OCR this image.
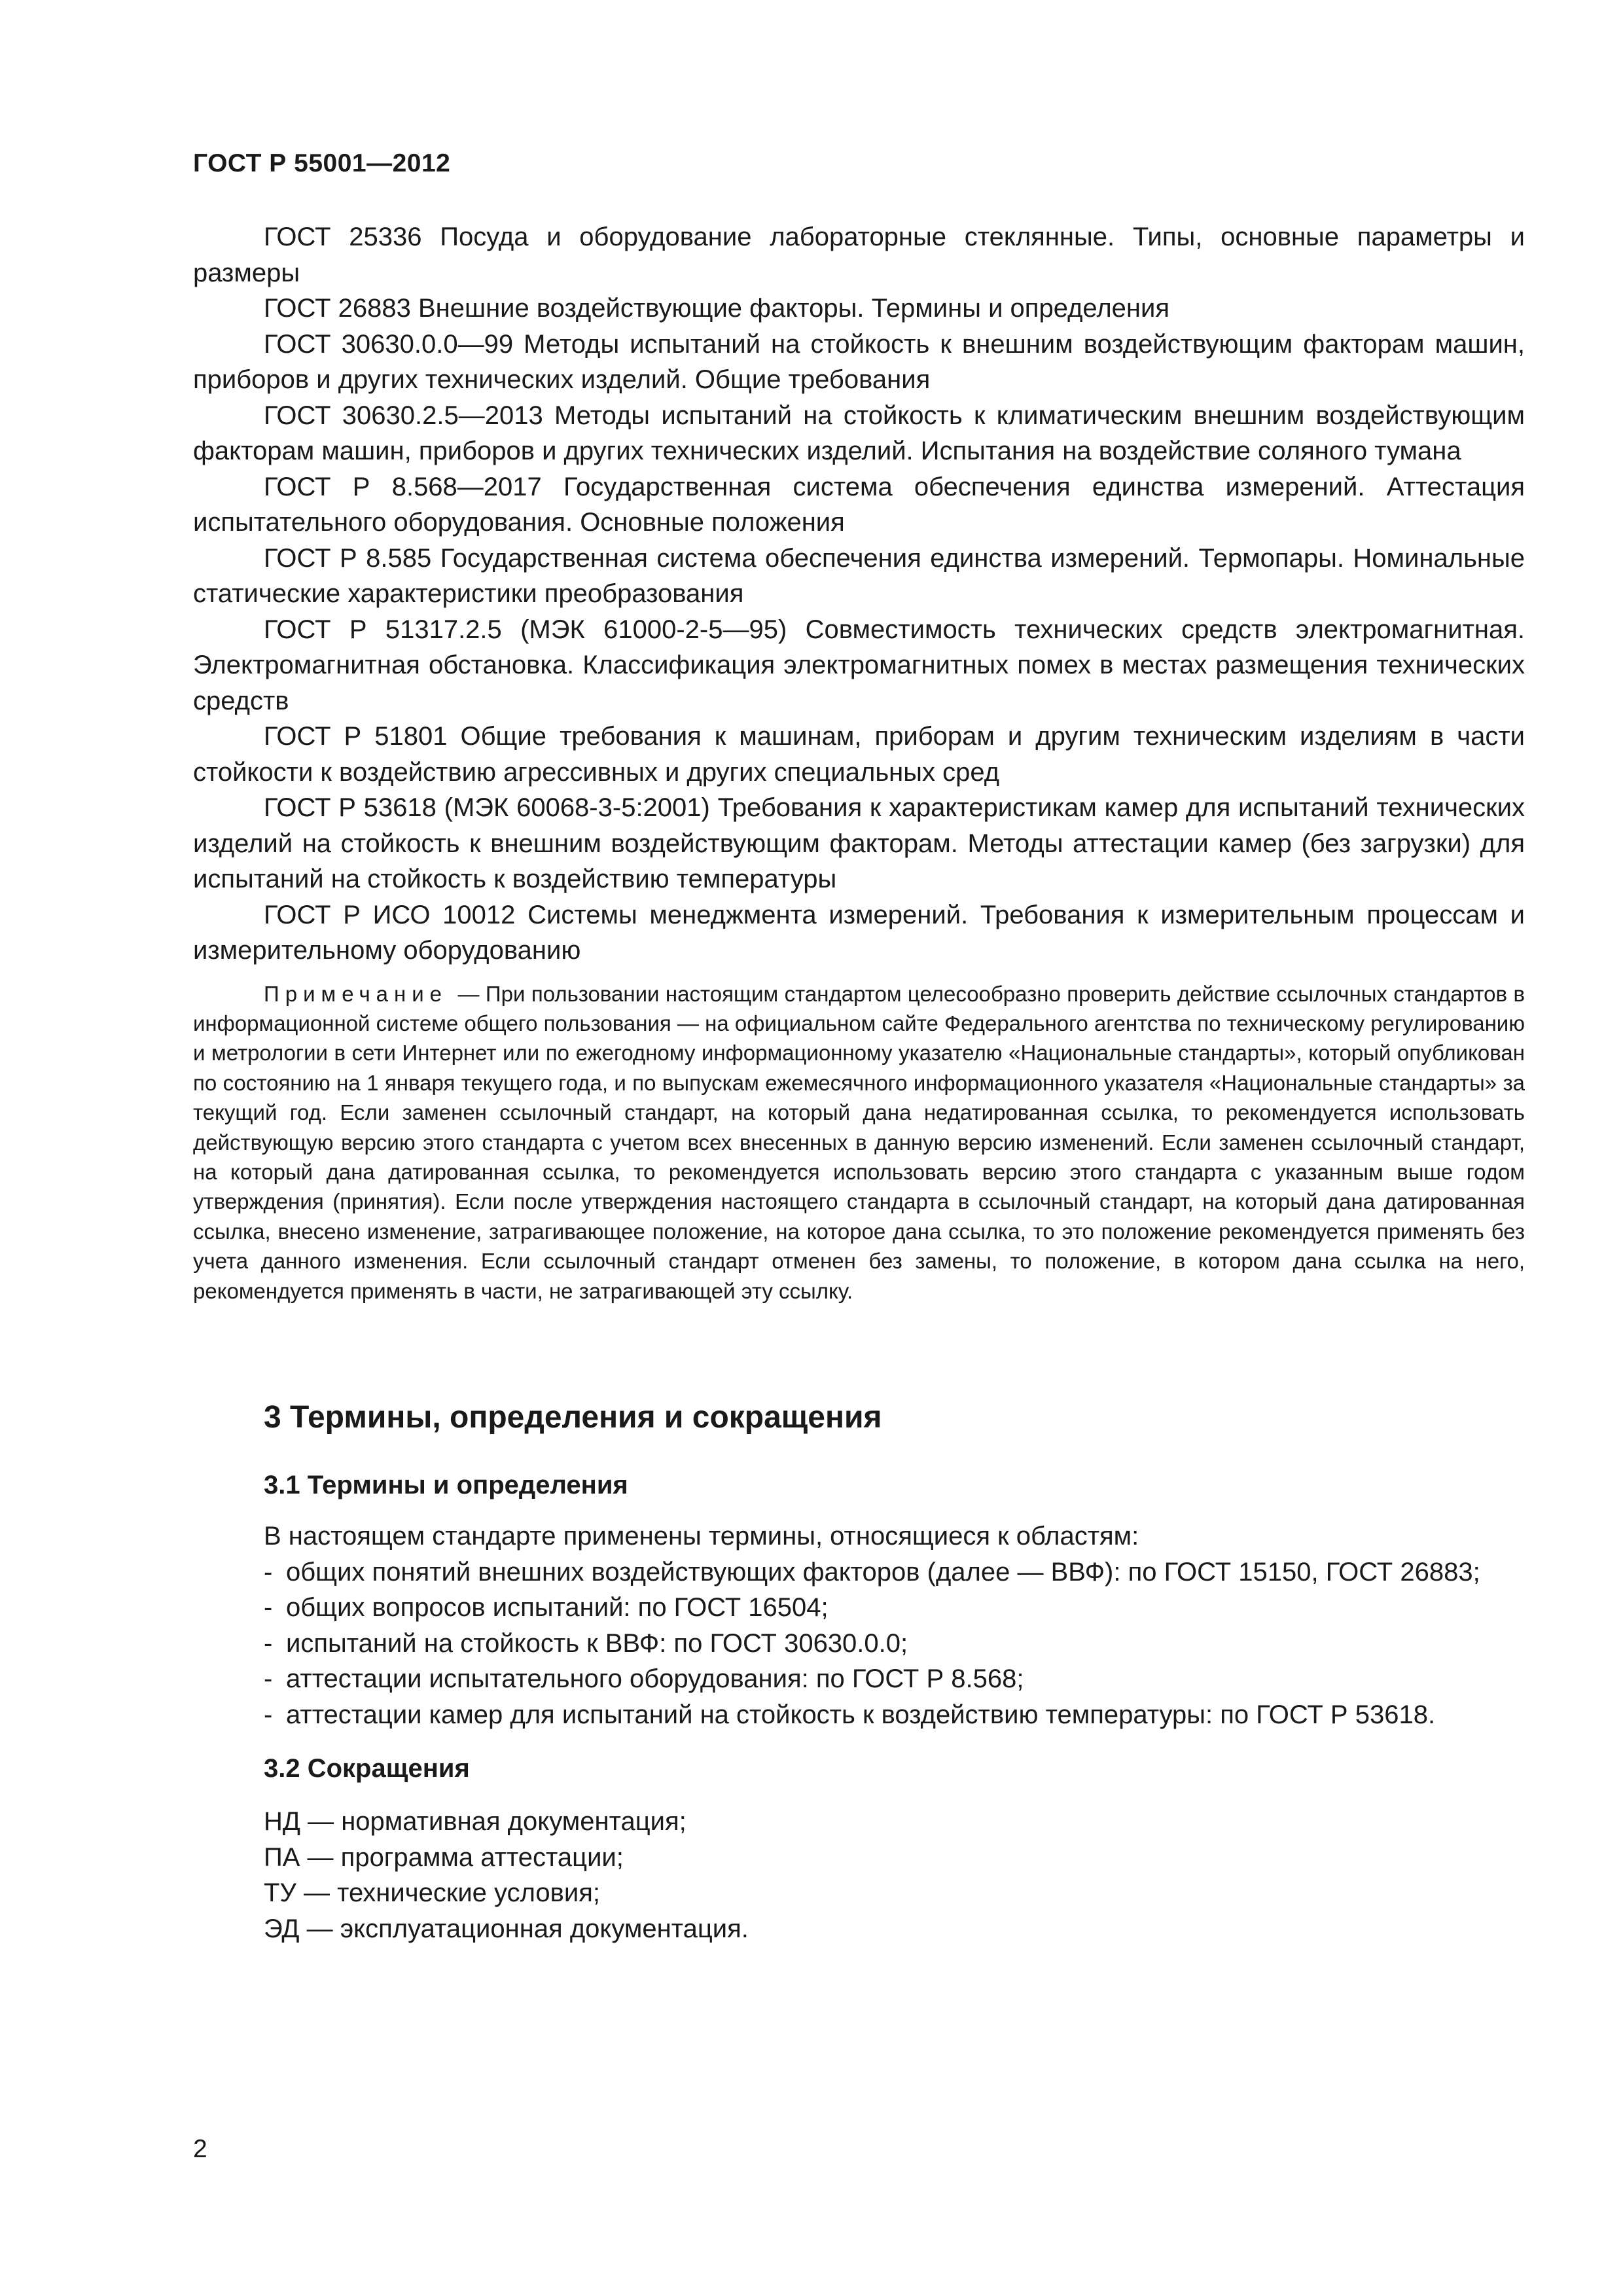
ГОСТ Р 55001—2012

ГОСТ 25336 Посуда и оборудование лабораторные стеклянные. Типы, основные параметры и размеры

ГОСТ 26883 Внешние воздействующие факторы. Термины и определения

ГОСТ 30630.0.0—99 Методы испытаний на стойкость к внешним воздействующим факторам машин, приборов и других технических изделий. Общие требования

ГОСТ 30630.2.5—2013 Методы испытаний на стойкость к климатическим внешним воздействующим факторам машин, приборов и других технических изделий. Испытания на воздействие соляного тумана

ГОСТ Р 8.568—2017 Государственная система обеспечения единства измерений. Аттестация испытательного оборудования. Основные положения

ГОСТ Р 8.585 Государственная система обеспечения единства измерений. Термопары. Номинальные статические характеристики преобразования

ГОСТ Р 51317.2.5 (МЭК 61000-2-5—95) Совместимость технических средств электромагнитная. Электромагнитная обстановка. Классификация электромагнитных помех в местах размещения технических средств

ГОСТ Р 51801 Общие требования к машинам, приборам и другим техническим изделиям в части стойкости к воздействию агрессивных и других специальных сред

ГОСТ Р 53618 (МЭК 60068-3-5:2001) Требования к характеристикам камер для испытаний технических изделий на стойкость к внешним воздействующим факторам. Методы аттестации камер (без загрузки) для испытаний на стойкость к воздействию температуры

ГОСТ Р ИСО 10012 Системы менеджмента измерений. Требования к измерительным процессам и измерительному оборудованию

Примечание — При пользовании настоящим стандартом целесообразно проверить действие ссылочных стандартов в информационной системе общего пользования — на официальном сайте Федерального агентства по техническому регулированию и метрологии в сети Интернет или по ежегодному информационному указателю «Национальные стандарты», который опубликован по состоянию на 1 января текущего года, и по выпускам ежемесячного информационного указателя «Национальные стандарты» за текущий год. Если заменен ссылочный стандарт, на который дана недатированная ссылка, то рекомендуется использовать действующую версию этого стандарта с учетом всех внесенных в данную версию изменений. Если заменен ссылочный стандарт, на который дана датированная ссылка, то рекомендуется использовать версию этого стандарта с указанным выше годом утверждения (принятия). Если после утверждения настоящего стандарта в ссылочный стандарт, на который дана датированная ссылка, внесено изменение, затрагивающее положение, на которое дана ссылка, то это положение рекомендуется применять без учета данного изменения. Если ссылочный стандарт отменен без замены, то положение, в котором дана ссылка на него, рекомендуется применять в части, не затрагивающей эту ссылку.

3 Термины, определения и сокращения
3.1 Термины и определения

В настоящем стандарте применены термины, относящиеся к областям:

- общих понятий внешних воздействующих факторов (далее — ВВФ): по ГОСТ 15150, ГОСТ 26883;
- общих вопросов испытаний: по ГОСТ 16504;
- испытаний на стойкость к ВВФ: по ГОСТ 30630.0.0;
- аттестации испытательного оборудования: по ГОСТ Р 8.568;
- аттестации камер для испытаний на стойкость к воздействию температуры: по ГОСТ Р 53618.
3.2 Сокращения
НД — нормативная документация;
ПА — программа аттестации;
ТУ — технические условия;
ЭД — эксплуатационная документация.
2
